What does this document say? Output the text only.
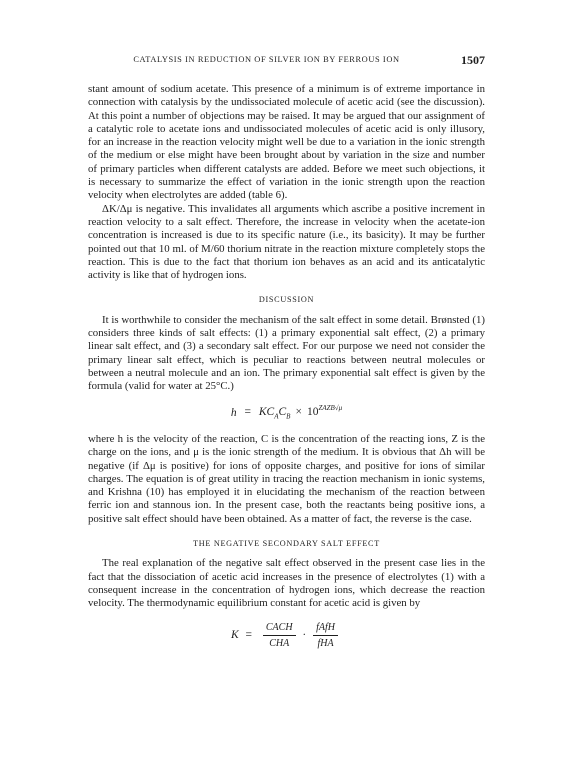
CATALYSIS IN REDUCTION OF SILVER ION BY FERROUS ION	1507

stant amount of sodium acetate. This presence of a minimum is of extreme importance in connection with catalysis by the undissociated molecule of acetic acid (see the discussion). At this point a number of objections may be raised. It may be argued that our assignment of a catalytic role to acetate ions and undissociated molecules of acetic acid is only illusory, for an increase in the reaction velocity might well be due to a variation in the ionic strength of the medium or else might have been brought about by variation in the size and number of primary particles when different catalysts are added. Before we meet such objections, it is necessary to summarize the effect of variation in the ionic strength upon the reaction velocity when electrolytes are added (table 6).

ΔK/Δμ is negative. This invalidates all arguments which ascribe a positive increment in reaction velocity to a salt effect. Therefore, the increase in velocity when the acetate-ion concentration is increased is due to its specific nature (i.e., its basicity). It may be further pointed out that 10 ml. of M/60 thorium nitrate in the reaction mixture completely stops the reaction. This is due to the fact that thorium ion behaves as an acid and its anticatalytic activity is like that of hydrogen ions.

DISCUSSION

It is worthwhile to consider the mechanism of the salt effect in some detail. Brønsted (1) considers three kinds of salt effects: (1) a primary exponential salt effect, (2) a primary linear salt effect, and (3) a secondary salt effect. For our purpose we need not consider the primary linear salt effect, which is peculiar to reactions between neutral molecules or between a neutral molecule and an ion. The primary exponential salt effect is given by the formula (valid for water at 25°C.)

$h = KC_AC_B \times 10^{ZAZB√\mu}$

where h is the velocity of the reaction, C is the concentration of the reacting ions, Z is the charge on the ions, and μ is the ionic strength of the medium. It is obvious that Δh will be negative (if Δμ is positive) for ions of opposite charges, and positive for ions of similar charges. The equation is of great utility in tracing the reaction mechanism in ionic systems, and Krishna (10) has employed it in elucidating the mechanism of the reaction between ferric ion and stannous ion. In the present case, both the reactants being positive ions, a positive salt effect should have been obtained. As a matter of fact, the reverse is the case.

THE NEGATIVE SECONDARY SALT EFFECT

The real explanation of the negative salt effect observed in the present case lies in the fact that the dissociation of acetic acid increases in the presence of electrolytes (1) with a consequent increase in the concentration of hydrogen ions, which decrease the reaction velocity. The thermodynamic equilibrium constant for acetic acid is given by

$K = \frac{\text{CACH}}{\text{CHA}} \cdot \frac{\text{fAfH}}{\text{fHA}}$
